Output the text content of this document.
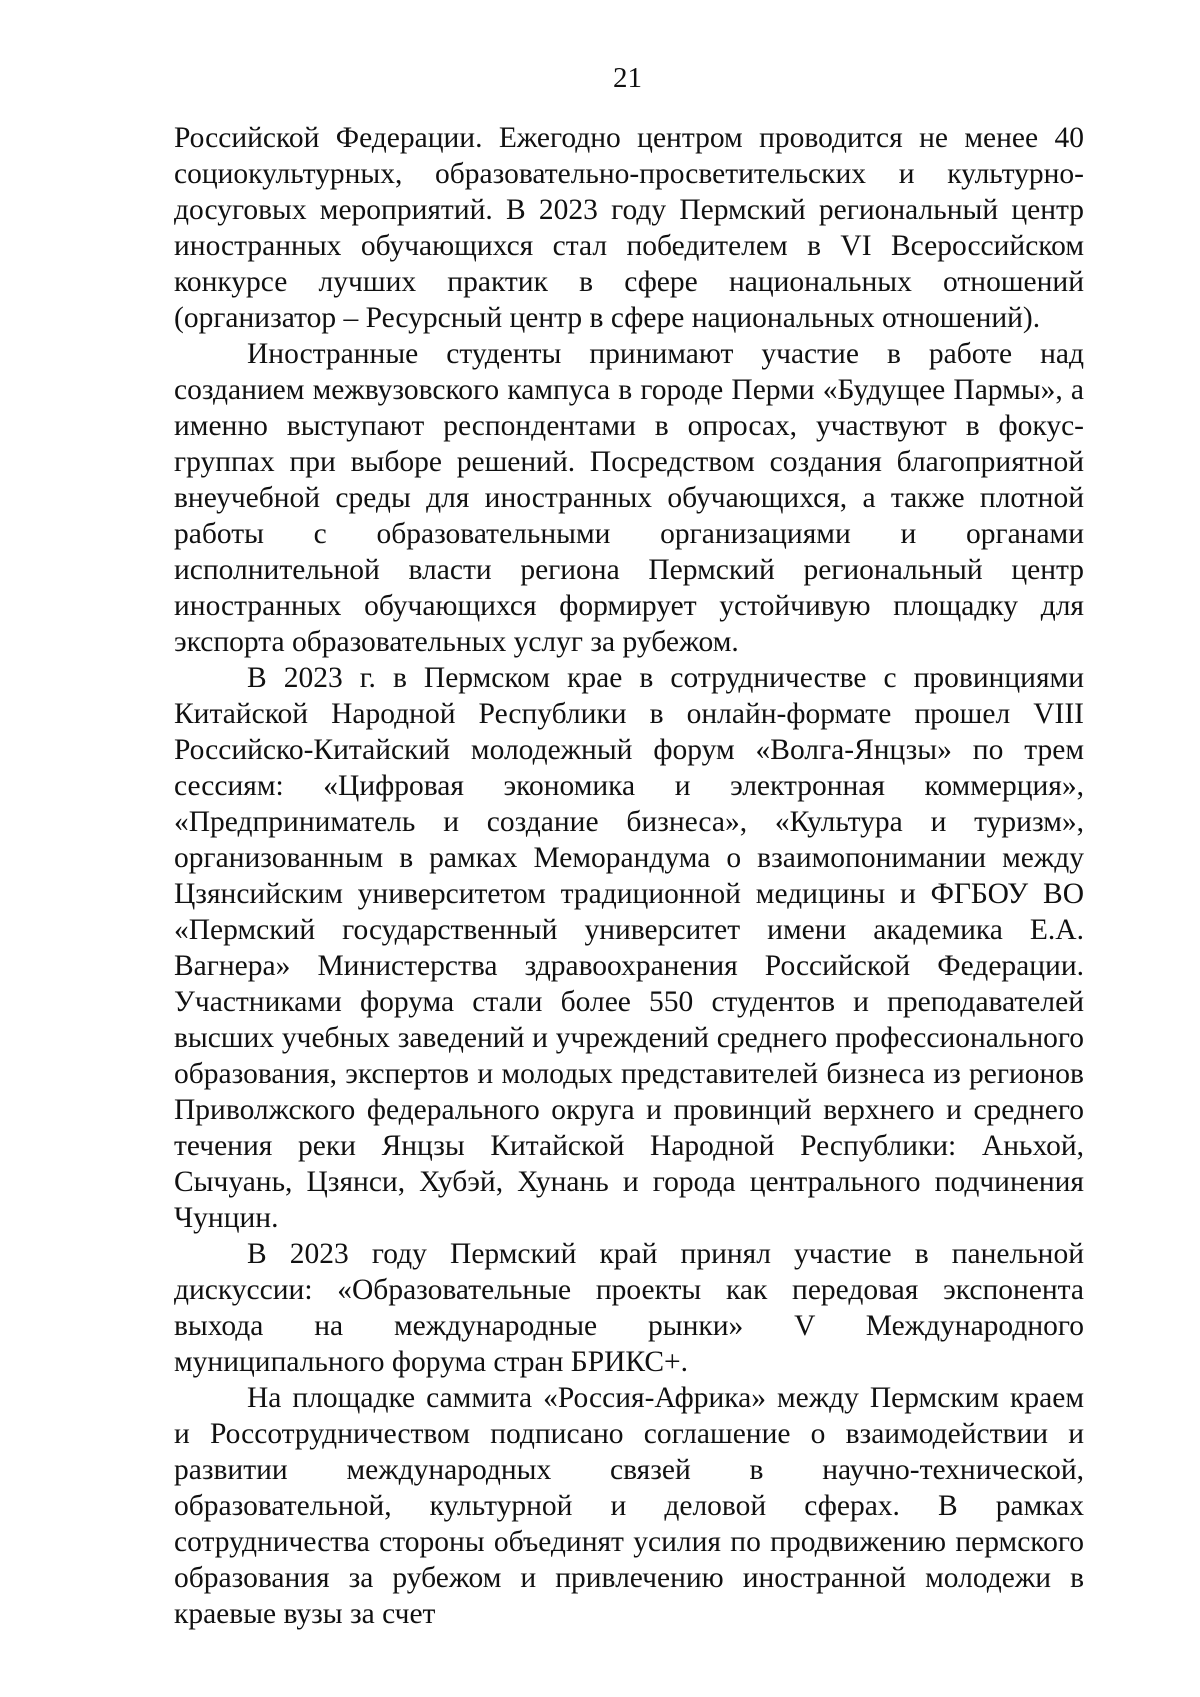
21

Российской Федерации. Ежегодно центром проводится не менее 40 социокультурных, образовательно-просветительских и культурно-досуговых мероприятий. В 2023 году Пермский региональный центр иностранных обучающихся стал победителем в VI Всероссийском конкурсе лучших практик в сфере национальных отношений (организатор – Ресурсный центр в сфере национальных отношений).

Иностранные студенты принимают участие в работе над созданием межвузовского кампуса в городе Перми «Будущее Пармы», а именно выступают респондентами в опросах, участвуют в фокус-группах при выборе решений. Посредством создания благоприятной внеучебной среды для иностранных обучающихся, а также плотной работы с образовательными организациями и органами исполнительной власти региона Пермский региональный центр иностранных обучающихся формирует устойчивую площадку для экспорта образовательных услуг за рубежом.

В 2023 г. в Пермском крае в сотрудничестве с провинциями Китайской Народной Республики в онлайн-формате прошел VIII Российско-Китайский молодежный форум «Волга-Янцзы» по трем сессиям: «Цифровая экономика и электронная коммерция», «Предприниматель и создание бизнеса», «Культура и туризм», организованным в рамках Меморандума о взаимопонимании между Цзянсийским университетом традиционной медицины и ФГБОУ ВО «Пермский государственный университет имени академика Е.А. Вагнера» Министерства здравоохранения Российской Федерации. Участниками форума стали более 550 студентов и преподавателей высших учебных заведений и учреждений среднего профессионального образования, экспертов и молодых представителей бизнеса из регионов Приволжского федерального округа и провинций верхнего и среднего течения реки Янцзы Китайской Народной Республики: Аньхой, Сычуань, Цзянси, Хубэй, Хунань и города центрального подчинения Чунцин.

В 2023 году Пермский край принял участие в панельной дискуссии: «Образовательные проекты как передовая экспонента выхода на международные рынки» V Международного муниципального форума стран БРИКС+.

На площадке саммита «Россия-Африка» между Пермским краем и Россотрудничеством подписано соглашение о взаимодействии и развитии международных связей в научно-технической, образовательной, культурной и деловой сферах. В рамках сотрудничества стороны объединят усилия по продвижению пермского образования за рубежом и привлечению иностранной молодежи в краевые вузы за счет
